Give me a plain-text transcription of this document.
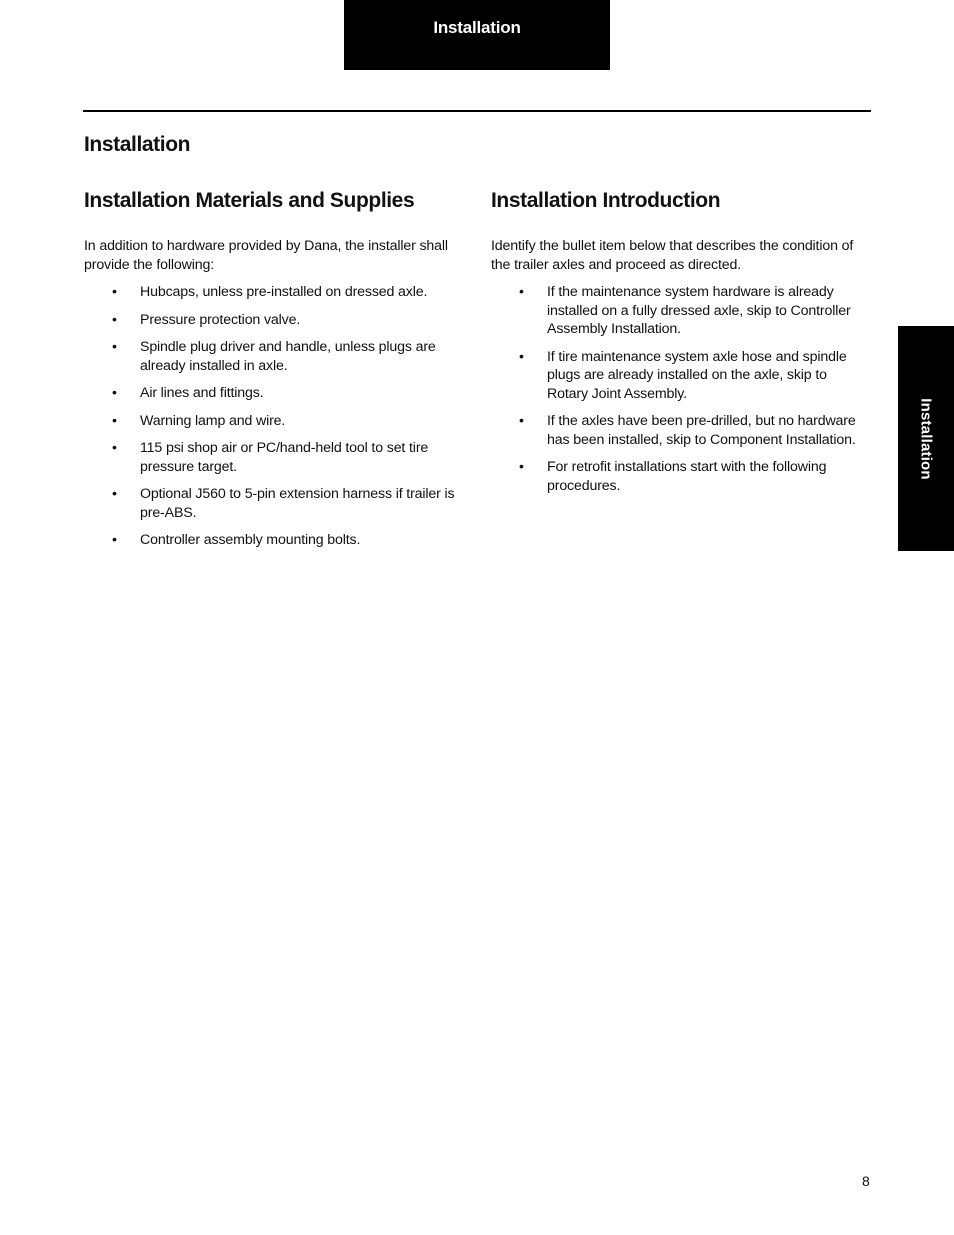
Installation
Installation
Installation Materials and Supplies

In addition to hardware provided by Dana, the installer shall provide the following:

• Hubcaps, unless pre-installed on dressed axle.
• Pressure protection valve.
• Spindle plug driver and handle, unless plugs are already installed in axle.
• Air lines and fittings.
• Warning lamp and wire.
• 115 psi shop air or PC/hand-held tool to set tire pressure target.
• Optional J560 to 5-pin extension harness if trailer is pre-ABS.
• Controller assembly mounting bolts.
Installation Introduction

Identify the bullet item below that describes the condition of the trailer axles and proceed as directed.

• If the maintenance system hardware is already installed on a fully dressed axle, skip to Controller Assembly Installation.
• If tire maintenance system axle hose and spindle plugs are already installed on the axle, skip to Rotary Joint Assembly.
• If the axles have been pre-drilled, but no hardware has been installed, skip to Component Installation.
• For retrofit installations start with the following procedures.
Installation
8
